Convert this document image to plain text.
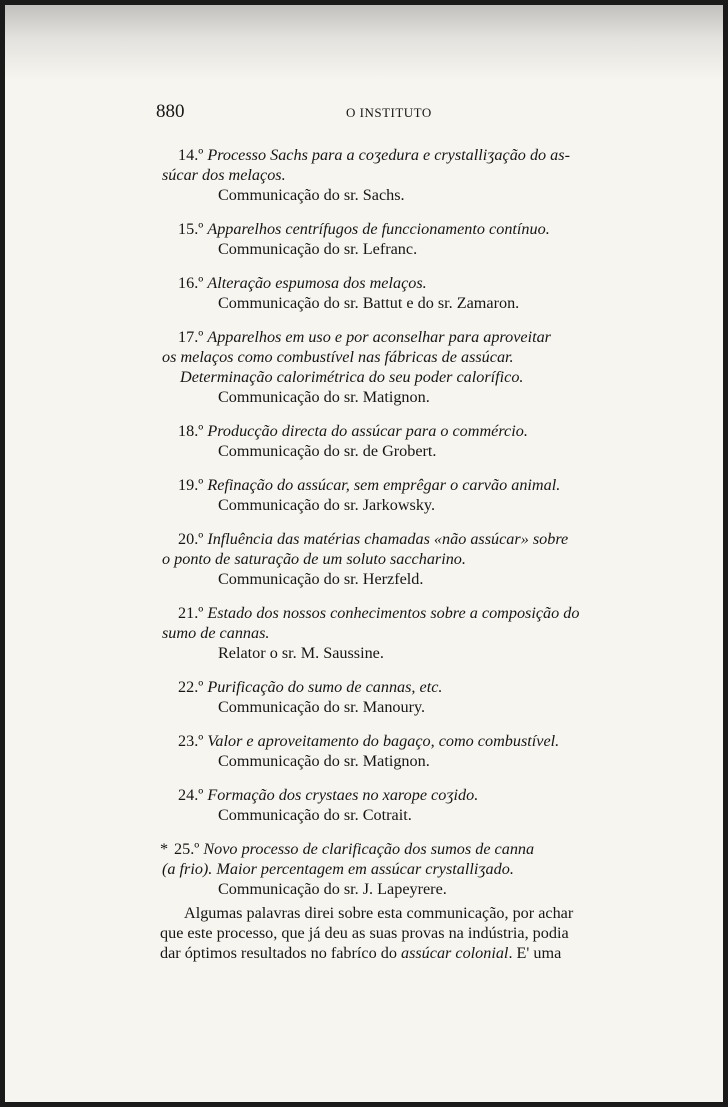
880	O INSTITUTO

14.º Processo Sachs para a coʒedura e crystalliʒação do as-

súcar dos melaços.

Communicação do sr. Sachs.

15.º Apparelhos centrífugos de funccionamento contínuo.

Communicação do sr. Lefranc.

16.º Alteração espumosa dos melaços.

Communicação do sr. Battut e do sr. Zamaron.

17.º Apparelhos em uso e por aconselhar para aproveitar

os melaços como combustível nas fábricas de assúcar.

Determinação calorimétrica do seu poder calorífico.

Communicação do sr. Matignon.

18.º Producção directa do assúcar para o commércio.

Communicação do sr. de Grobert.

19.º Refinação do assúcar, sem emprêgar o carvão animal.

Communicação do sr. Jarkowsky.

20.º Influência das matérias chamadas «não assúcar» sobre

o ponto de saturação de um soluto saccharino.

Communicação do sr. Herzfeld.

21.º Estado dos nossos conhecimentos sobre a composição do

sumo de cannas.

Relator o sr. M. Saussine.

22.º Purificação do sumo de cannas, etc.

Communicação do sr. Manoury.

23.º Valor e aproveitamento do bagaço, como combustível.

Communicação do sr. Matignon.

24.º Formação dos crystaes no xarope coʒido.

Communicação do sr. Cotrait.

* 25.º Novo processo de clarificação dos sumos de canna

(a frio). Maior percentagem em assúcar crystalliʒado.

Communicação do sr. J. Lapeyrere.

Algumas palavras direi sobre esta communicação, por achar

que este processo, que já deu as suas provas na indústria, podia

dar óptimos resultados no fabríco do assúcar colonial. E' uma
